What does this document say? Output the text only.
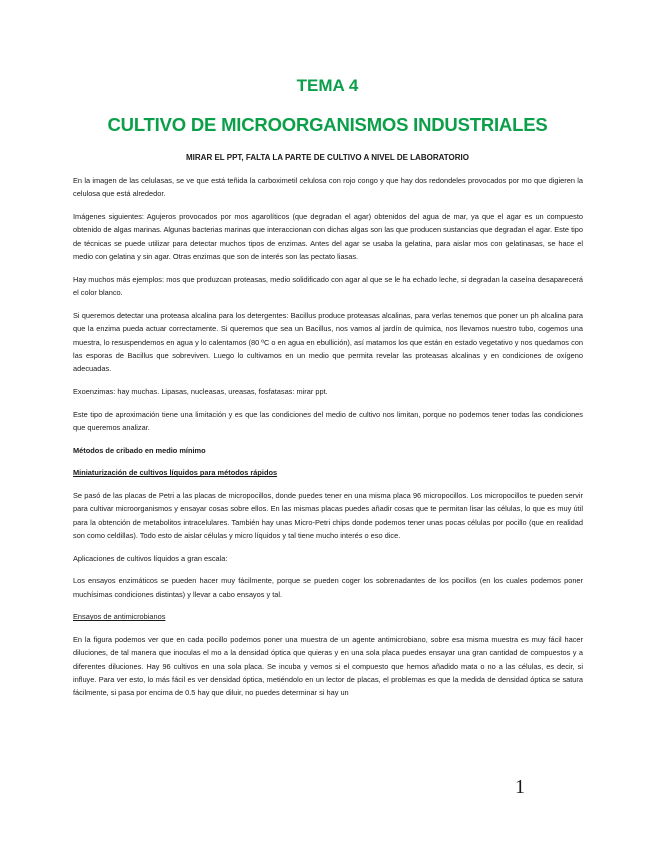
TEMA 4
CULTIVO DE MICROORGANISMOS INDUSTRIALES
MIRAR EL PPT, FALTA LA PARTE DE CULTIVO A NIVEL DE LABORATORIO

En la imagen de las celulasas, se ve que está teñida la carboximetil celulosa con rojo congo y que hay dos redondeles provocados por mo que digieren la celulosa que está alrededor.

Imágenes siguientes: Agujeros provocados por mos agarolíticos (que degradan el agar) obtenidos del agua de mar, ya que el agar es un compuesto obtenido de algas marinas. Algunas bacterias marinas que interaccionan con dichas algas son las que producen sustancias que degradan el agar. Este tipo de técnicas se puede utilizar para detectar muchos tipos de enzimas. Antes del agar se usaba la gelatina, para aislar mos con gelatinasas, se hace el medio con gelatina y sin agar. Otras enzimas que son de interés son las pectato liasas.

Hay muchos más ejemplos: mos que produzcan proteasas, medio solidificado con agar al que se le ha echado leche, si degradan la caseína desaparecerá el color blanco.

Si queremos detectar una proteasa alcalina para los detergentes: Bacillus produce proteasas alcalinas, para verlas tenemos que poner un ph alcalina para que la enzima pueda actuar correctamente. Si queremos que sea un Bacillus, nos vamos al jardín de química, nos llevamos nuestro tubo, cogemos una muestra, lo resuspendemos en agua y lo calentamos (80 ºC o en agua en ebullición), así matamos los que están en estado vegetativo y nos quedamos con las esporas de Bacillus que sobreviven. Luego lo cultivamos en un medio que permita revelar las proteasas alcalinas y en condiciones de oxígeno adecuadas.

Exoenzimas: hay muchas. Lipasas, nucleasas, ureasas, fosfatasas: mirar ppt.

Este tipo de aproximación tiene una limitación y es que las condiciones del medio de cultivo nos limitan, porque no podemos tener todas las condiciones que queremos analizar.

Métodos de cribado en medio mínimo

Miniaturización de cultivos líquidos para métodos rápidos

Se pasó de las placas de Petri a las placas de micropocillos, donde puedes tener en una misma placa 96 micropocillos. Los micropocillos te pueden servir para cultivar microorganismos y ensayar cosas sobre ellos. En las mismas placas puedes añadir cosas que te permitan lisar las células, lo que es muy útil para la obtención de metabolitos intracelulares. También hay unas Micro-Petri chips donde podemos tener unas pocas células por pocillo (que en realidad son como celdillas). Todo esto de aislar células y micro líquidos y tal tiene mucho interés o eso dice.

Aplicaciones de cultivos líquidos a gran escala:

Los ensayos enzimáticos se pueden hacer muy fácilmente, porque se pueden coger los sobrenadantes de los pocillos (en los cuales podemos poner muchísimas condiciones distintas) y llevar a cabo ensayos y tal.

Ensayos de antimicrobianos

En la figura podemos ver que en cada pocillo podemos poner una muestra de un agente antimicrobiano, sobre esa misma muestra es muy fácil hacer diluciones, de tal manera que inoculas el mo a la densidad óptica que quieras y en una sola placa puedes ensayar una gran cantidad de compuestos y a diferentes diluciones. Hay 96 cultivos en una sola placa. Se incuba y vemos si el compuesto que hemos añadido mata o no a las células, es decir, si influye. Para ver esto, lo más fácil es ver densidad óptica, metiéndolo en un lector de placas, el problemas es que la medida de densidad óptica se satura fácilmente, si pasa por encima de 0.5 hay que diluir, no puedes determinar si hay un

1
